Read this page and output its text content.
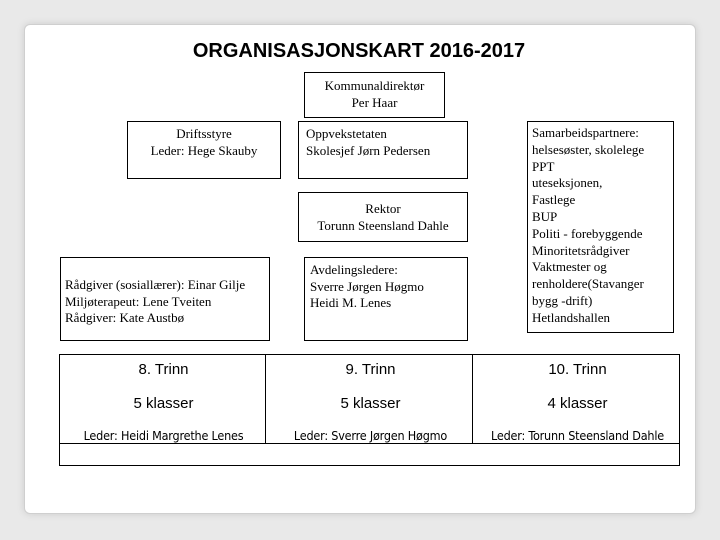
ORGANISASJONSKART 2016-2017
Kommunaldirektør
Per Haar
Driftsstyre
Leder: Hege Skauby
Oppvekstetaten
Skolesjef Jørn Pedersen
Samarbeidspartnere:
helsesøster, skolelege
PPT
uteseksjonen,
Fastlege
BUP
Politi - forebyggende
Minoritetsrådgiver
Vaktmester og
renholdere(Stavanger
bygg -drift)
Hetlandshallen
Rektor
Torunn Steensland Dahle
Rådgiver (sosiallærer): Einar Gilje
Miljøterapeut: Lene Tveiten
Rådgiver: Kate Austbø
Avdelingsledere:
Sverre Jørgen Høgmo
Heidi M. Lenes
8. Trinn	9. Trinn	10. Trinn
5 klasser	5 klasser	4 klasser
Leder: Heidi Margrethe Lenes	Leder: Sverre Jørgen Høgmo	Leder: Torunn Steensland Dahle
